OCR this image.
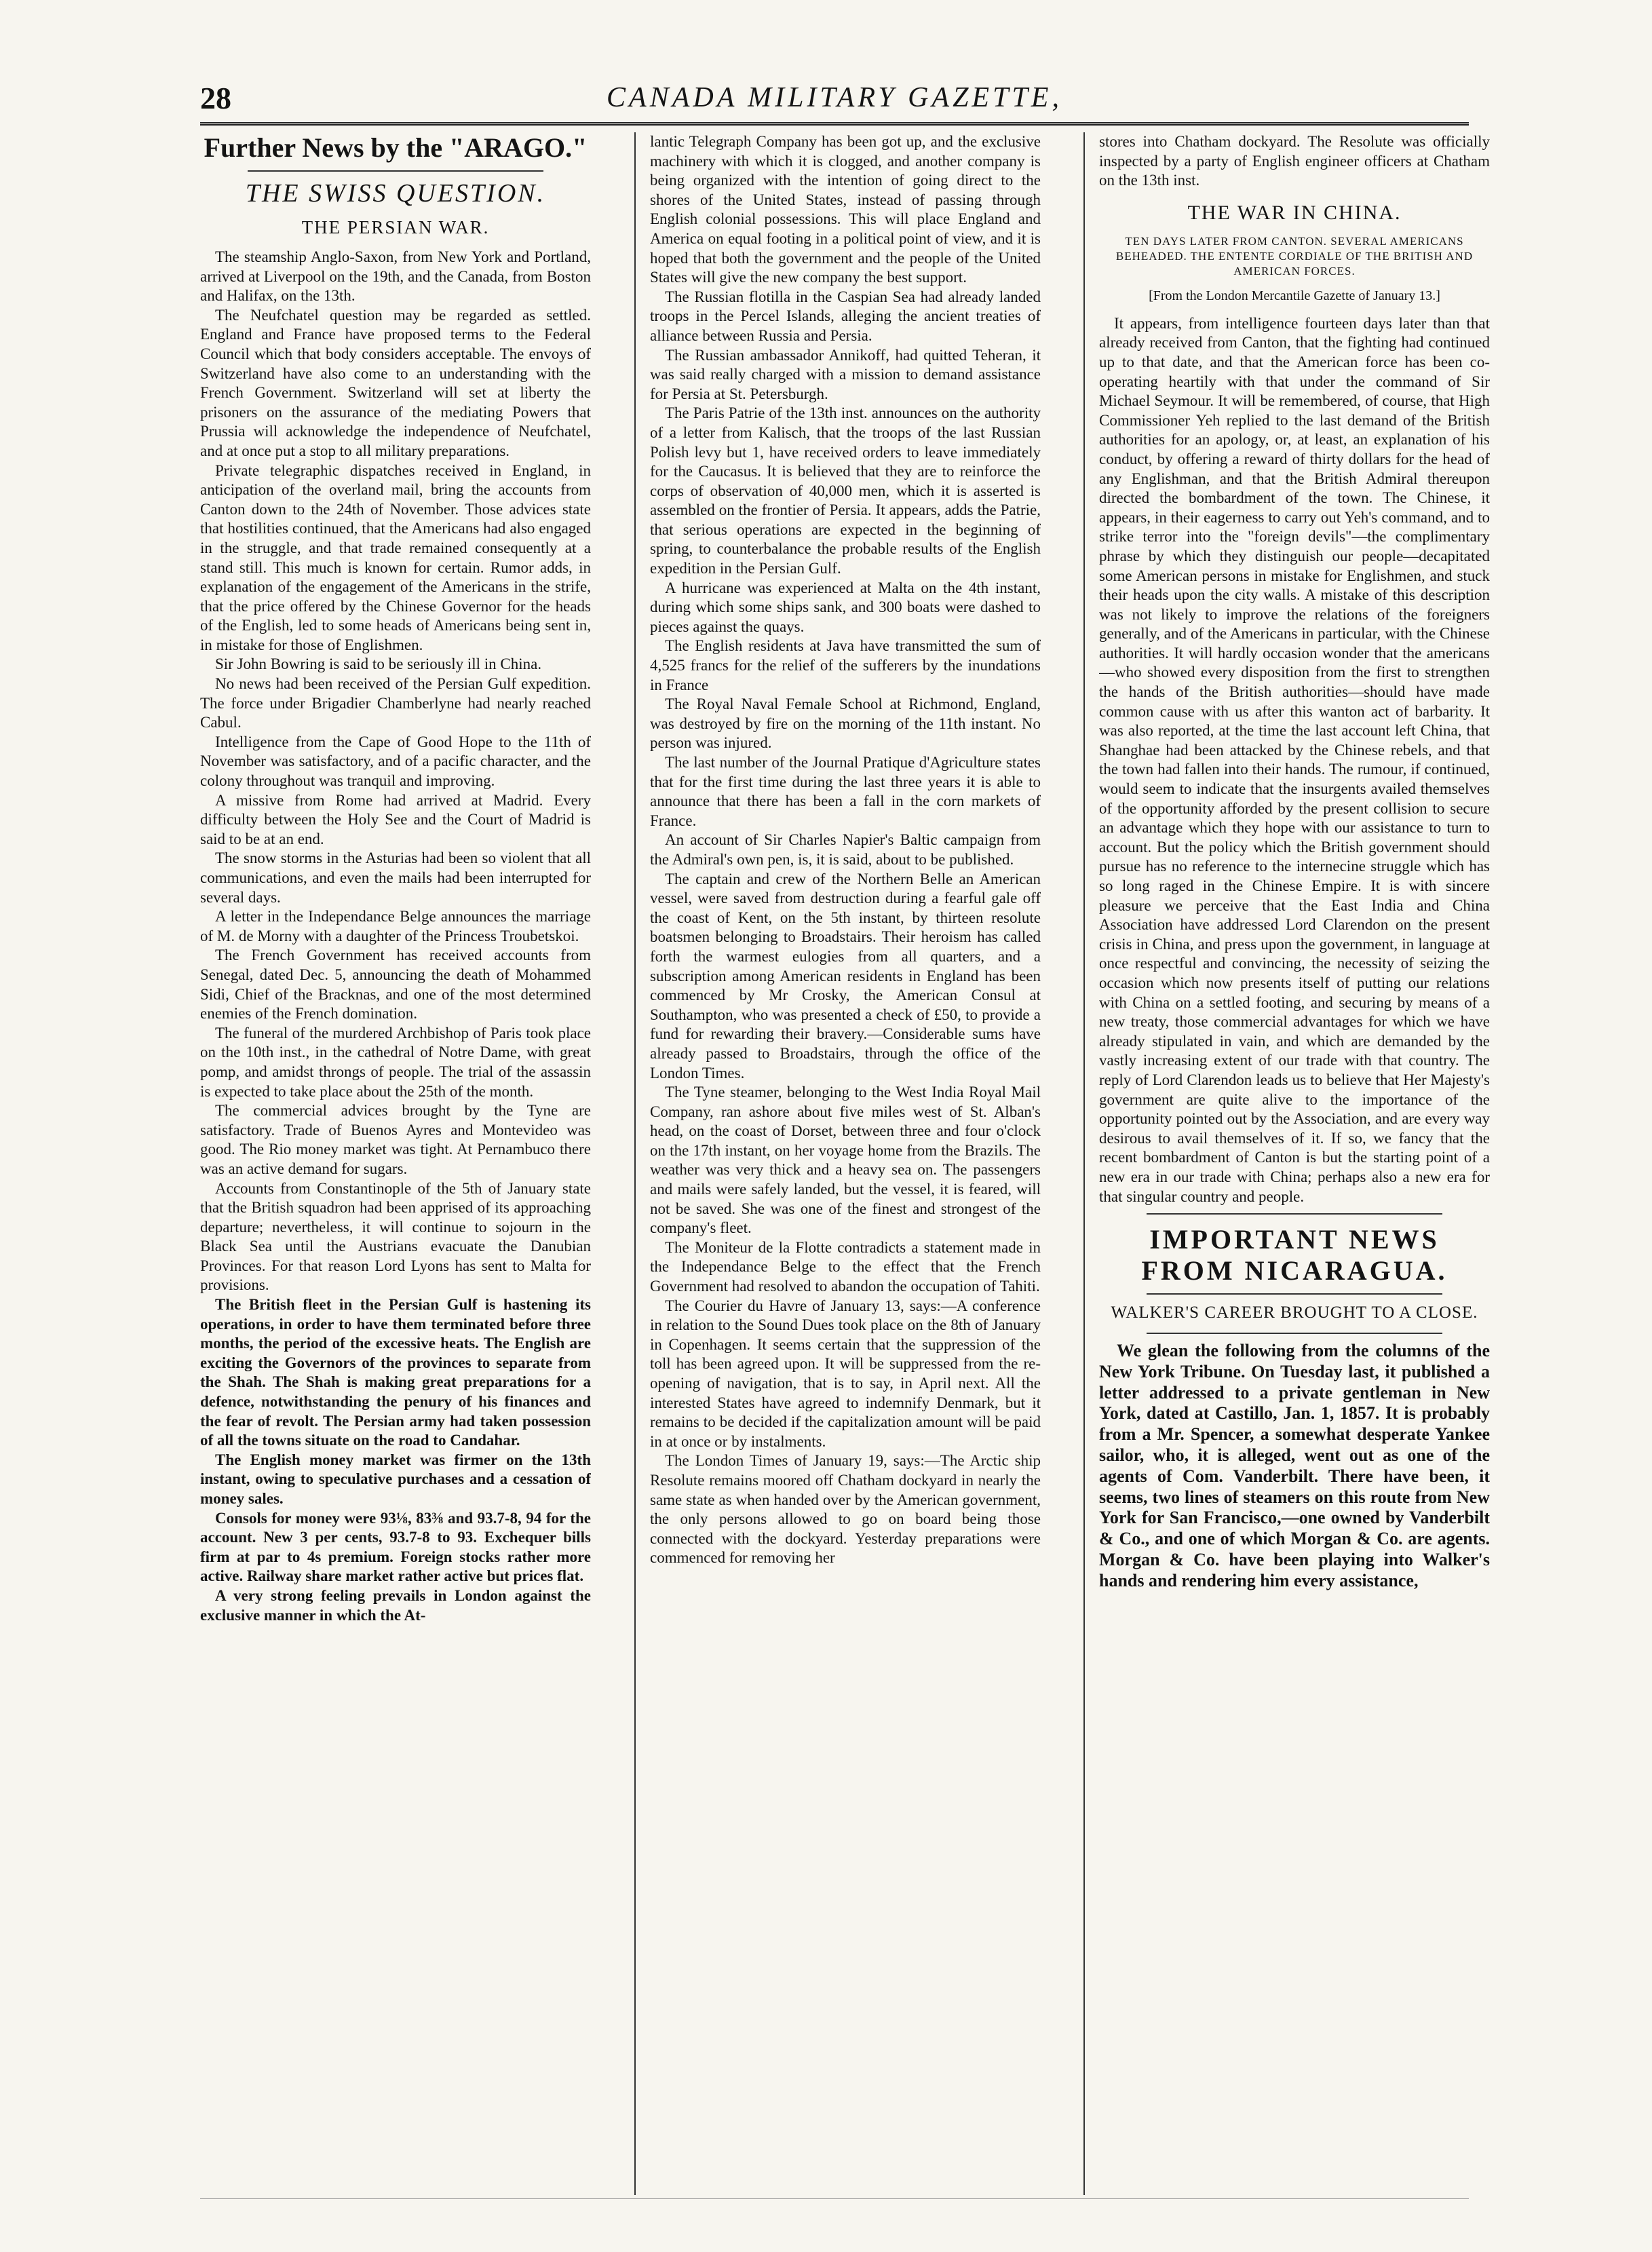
28	CANADA MILITARY GAZETTE,
Further News by the "ARAGO."
THE SWISS QUESTION.
THE PERSIAN WAR.

The steamship Anglo-Saxon, from New York and Portland, arrived at Liverpool on the 19th, and the Canada, from Boston and Halifax, on the 13th.

The Neufchatel question may be regarded as settled. England and France have proposed terms to the Federal Council which that body considers acceptable. The envoys of Switzerland have also come to an understanding with the French Government. Switzerland will set at liberty the prisoners on the assurance of the mediating Powers that Prussia will acknowledge the independence of Neufchatel, and at once put a stop to all military preparations.

Private telegraphic dispatches received in England, in anticipation of the overland mail, bring the accounts from Canton down to the 24th of November. Those advices state that hostilities continued, that the Americans had also engaged in the struggle, and that trade remained consequently at a stand still. This much is known for certain. Rumor adds, in explanation of the engagement of the Americans in the strife, that the price offered by the Chinese Governor for the heads of the English, led to some heads of Americans being sent in, in mistake for those of Englishmen.

Sir John Bowring is said to be seriously ill in China.

No news had been received of the Persian Gulf expedition. The force under Brigadier Chamberlyne had nearly reached Cabul.

Intelligence from the Cape of Good Hope to the 11th of November was satisfactory, and of a pacific character, and the colony throughout was tranquil and improving.

A missive from Rome had arrived at Madrid. Every difficulty between the Holy See and the Court of Madrid is said to be at an end.

The snow storms in the Asturias had been so violent that all communications, and even the mails had been interrupted for several days.

A letter in the Independance Belge announces the marriage of M. de Morny with a daughter of the Princess Troubetskoi.

The French Government has received accounts from Senegal, dated Dec. 5, announcing the death of Mohammed Sidi, Chief of the Bracknas, and one of the most determined enemies of the French domination.

The funeral of the murdered Archbishop of Paris took place on the 10th inst., in the cathedral of Notre Dame, with great pomp, and amidst throngs of people. The trial of the assassin is expected to take place about the 25th of the month.

The commercial advices brought by the Tyne are satisfactory. Trade of Buenos Ayres and Montevideo was good. The Rio money market was tight. At Pernambuco there was an active demand for sugars.

Accounts from Constantinople of the 5th of January state that the British squadron had been apprised of its approaching departure; nevertheless, it will continue to sojourn in the Black Sea until the Austrians evacuate the Danubian Provinces. For that reason Lord Lyons has sent to Malta for provisions.

The British fleet in the Persian Gulf is hastening its operations, in order to have them terminated before three months, the period of the excessive heats. The English are exciting the Governors of the provinces to separate from the Shah. The Shah is making great preparations for a defence, notwithstanding the penury of his finances and the fear of revolt. The Persian army had taken possession of all the towns situate on the road to Candahar.

The English money market was firmer on the 13th instant, owing to speculative purchases and a cessation of money sales.

Consols for money were 93⅛, 83⅜ and 93.7-8, 94 for the account. New 3 per cents, 93.7-8 to 93. Exchequer bills firm at par to 4s premium. Foreign stocks rather more active. Railway share market rather active but prices flat.

A very strong feeling prevails in London against the exclusive manner in which the At-

lantic Telegraph Company has been got up, and the exclusive machinery with which it is clogged, and another company is being organized with the intention of going direct to the shores of the United States, instead of passing through English colonial possessions. This will place England and America on equal footing in a political point of view, and it is hoped that both the government and the people of the United States will give the new company the best support.

The Russian flotilla in the Caspian Sea had already landed troops in the Percel Islands, alleging the ancient treaties of alliance between Russia and Persia.

The Russian ambassador Annikoff, had quitted Teheran, it was said really charged with a mission to demand assistance for Persia at St. Petersburgh.

The Paris Patrie of the 13th inst. announces on the authority of a letter from Kalisch, that the troops of the last Russian Polish levy but 1, have received orders to leave immediately for the Caucasus. It is believed that they are to reinforce the corps of observation of 40,000 men, which it is asserted is assembled on the frontier of Persia. It appears, adds the Patrie, that serious operations are expected in the beginning of spring, to counterbalance the probable results of the English expedition in the Persian Gulf.

A hurricane was experienced at Malta on the 4th instant, during which some ships sank, and 300 boats were dashed to pieces against the quays.

The English residents at Java have transmitted the sum of 4,525 francs for the relief of the sufferers by the inundations in France

The Royal Naval Female School at Richmond, England, was destroyed by fire on the morning of the 11th instant. No person was injured.

The last number of the Journal Pratique d'Agriculture states that for the first time during the last three years it is able to announce that there has been a fall in the corn markets of France.

An account of Sir Charles Napier's Baltic campaign from the Admiral's own pen, is, it is said, about to be published.

The captain and crew of the Northern Belle an American vessel, were saved from destruction during a fearful gale off the coast of Kent, on the 5th instant, by thirteen resolute boatsmen belonging to Broadstairs. Their heroism has called forth the warmest eulogies from all quarters, and a subscription among American residents in England has been commenced by Mr Crosky, the American Consul at Southampton, who was presented a check of £50, to provide a fund for rewarding their bravery.—Considerable sums have already passed to Broadstairs, through the office of the London Times.

The Tyne steamer, belonging to the West India Royal Mail Company, ran ashore about five miles west of St. Alban's head, on the coast of Dorset, between three and four o'clock on the 17th instant, on her voyage home from the Brazils. The weather was very thick and a heavy sea on. The passengers and mails were safely landed, but the vessel, it is feared, will not be saved. She was one of the finest and strongest of the company's fleet.

The Moniteur de la Flotte contradicts a statement made in the Independance Belge to the effect that the French Government had resolved to abandon the occupation of Tahiti.

The Courier du Havre of January 13, says:—A conference in relation to the Sound Dues took place on the 8th of January in Copenhagen. It seems certain that the suppression of the toll has been agreed upon. It will be suppressed from the re-opening of navigation, that is to say, in April next. All the interested States have agreed to indemnify Denmark, but it remains to be decided if the capitalization amount will be paid in at once or by instalments.

The London Times of January 19, says:—The Arctic ship Resolute remains moored off Chatham dockyard in nearly the same state as when handed over by the American government, the only persons allowed to go on board being those connected with the dockyard. Yesterday preparations were commenced for removing her

stores into Chatham dockyard. The Resolute was officially inspected by a party of English engineer officers at Chatham on the 13th inst.

THE WAR IN CHINA.
TEN DAYS LATER FROM CANTON. SEVERAL AMERICANS BEHEADED. THE ENTENTE CORDIALE OF THE BRITISH AND AMERICAN FORCES.
[From the London Mercantile Gazette of January 13.]

It appears, from intelligence fourteen days later than that already received from Canton, that the fighting had continued up to that date, and that the American force has been co-operating heartily with that under the command of Sir Michael Seymour. It will be remembered, of course, that High Commissioner Yeh replied to the last demand of the British authorities for an apology, or, at least, an explanation of his conduct, by offering a reward of thirty dollars for the head of any Englishman, and that the British Admiral thereupon directed the bombardment of the town. The Chinese, it appears, in their eagerness to carry out Yeh's command, and to strike terror into the "foreign devils"—the complimentary phrase by which they distinguish our people—decapitated some American persons in mistake for Englishmen, and stuck their heads upon the city walls. A mistake of this description was not likely to improve the relations of the foreigners generally, and of the Americans in particular, with the Chinese authorities. It will hardly occasion wonder that the americans—who showed every disposition from the first to strengthen the hands of the British authorities—should have made common cause with us after this wanton act of barbarity. It was also reported, at the time the last account left China, that Shanghae had been attacked by the Chinese rebels, and that the town had fallen into their hands. The rumour, if continued, would seem to indicate that the insurgents availed themselves of the opportunity afforded by the present collision to secure an advantage which they hope with our assistance to turn to account. But the policy which the British government should pursue has no reference to the internecine struggle which has so long raged in the Chinese Empire. It is with sincere pleasure we perceive that the East India and China Association have addressed Lord Clarendon on the present crisis in China, and press upon the government, in language at once respectful and convincing, the necessity of seizing the occasion which now presents itself of putting our relations with China on a settled footing, and securing by means of a new treaty, those commercial advantages for which we have already stipulated in vain, and which are demanded by the vastly increasing extent of our trade with that country. The reply of Lord Clarendon leads us to believe that Her Majesty's government are quite alive to the importance of the opportunity pointed out by the Association, and are every way desirous to avail themselves of it. If so, we fancy that the recent bombardment of Canton is but the starting point of a new era in our trade with China; perhaps also a new era for that singular country and people.

IMPORTANT NEWS FROM NICARAGUA.
WALKER'S CAREER BROUGHT TO A CLOSE.

We glean the following from the columns of the New York Tribune. On Tuesday last, it published a letter addressed to a private gentleman in New York, dated at Castillo, Jan. 1, 1857. It is probably from a Mr. Spencer, a somewhat desperate Yankee sailor, who, it is alleged, went out as one of the agents of Com. Vanderbilt. There have been, it seems, two lines of steamers on this route from New York for San Francisco,—one owned by Vanderbilt & Co., and one of which Morgan & Co. are agents. Morgan & Co. have been playing into Walker's hands and rendering him every assistance,
